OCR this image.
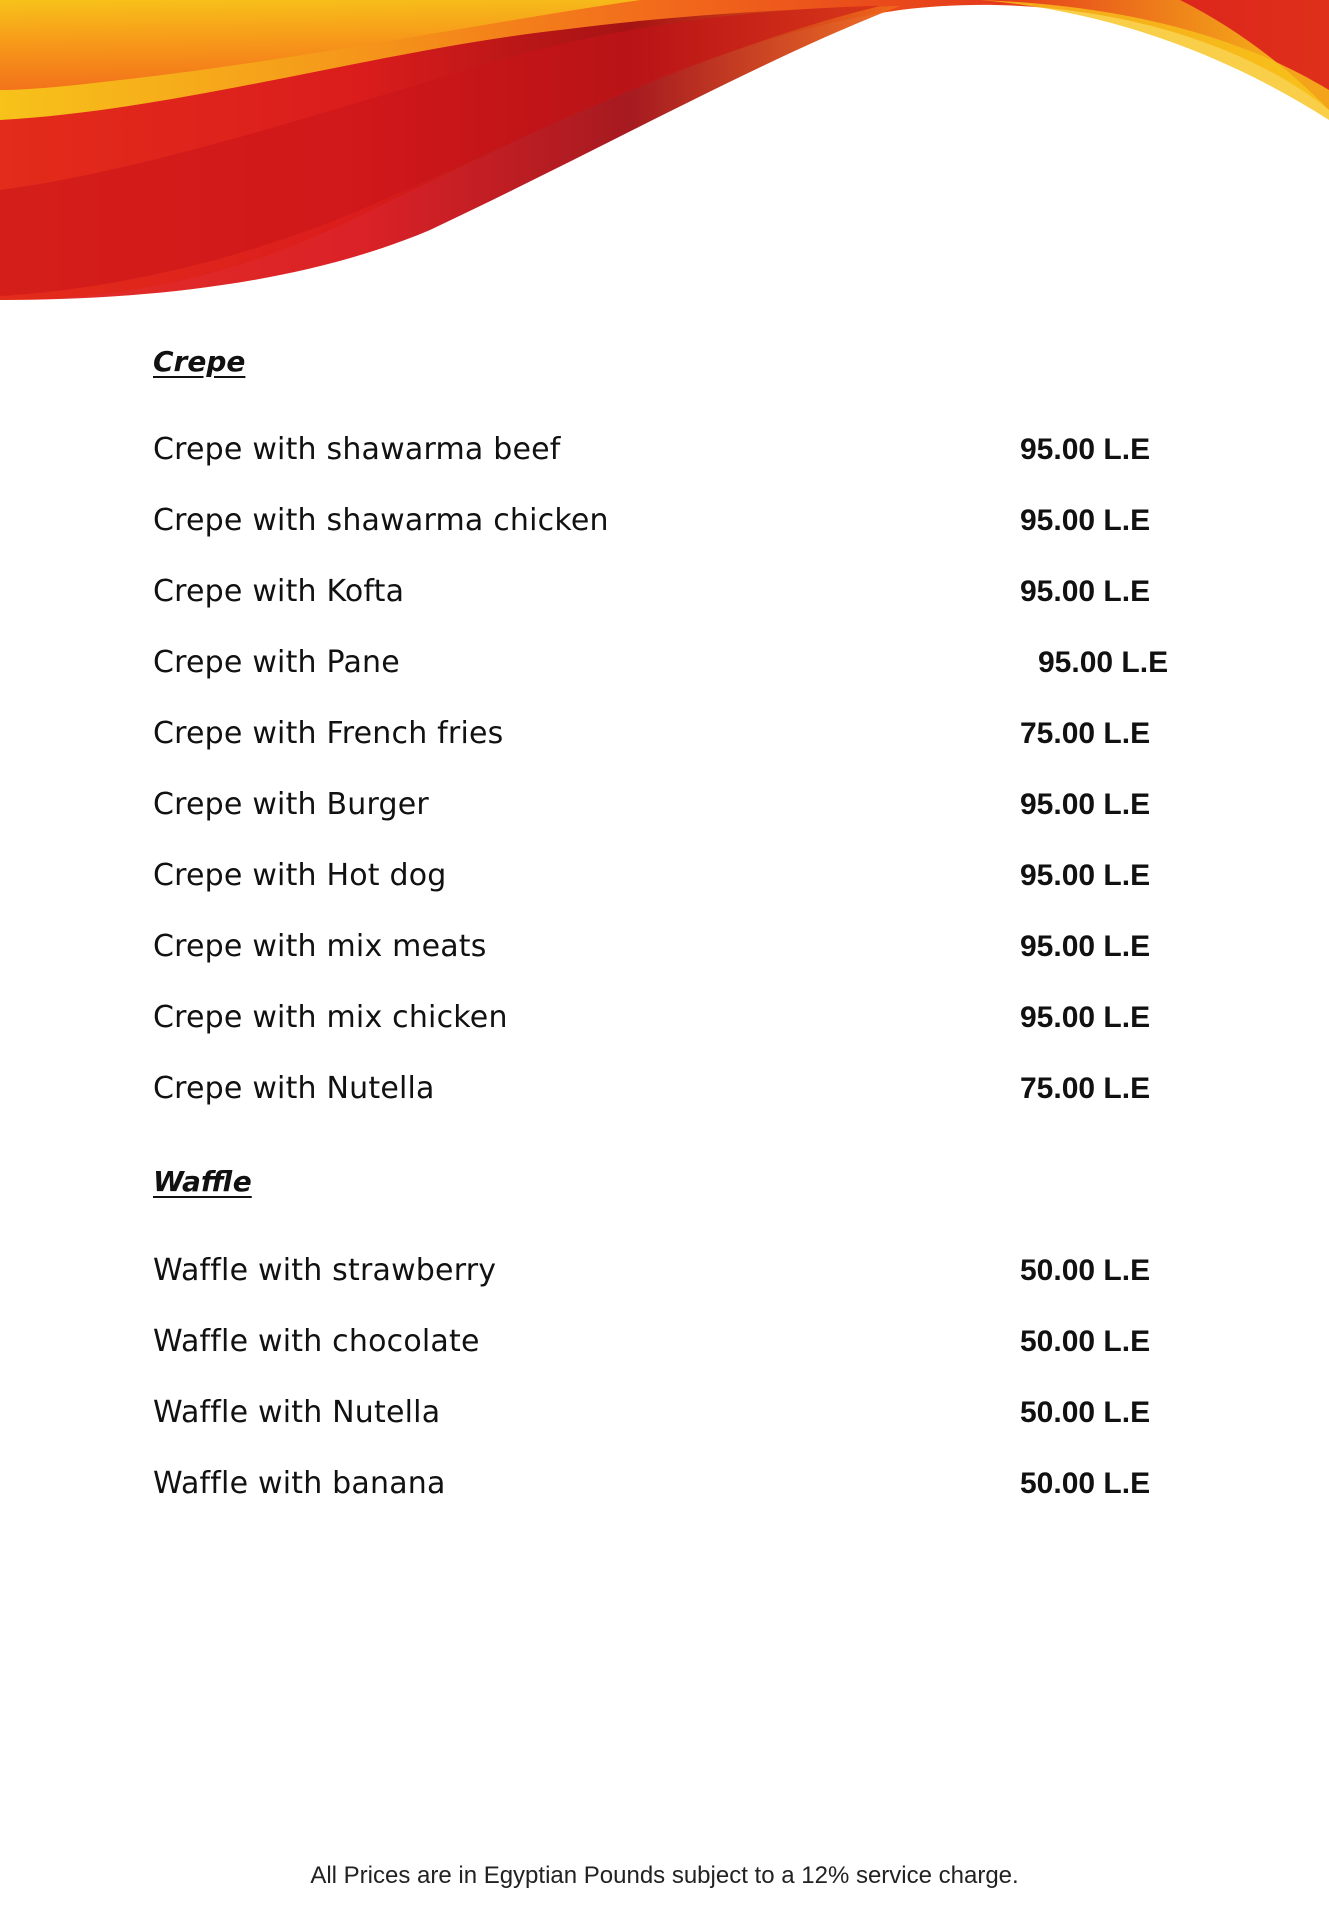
Crepe
Crepe with shawarma beef	95.00 L.E
Crepe with shawarma chicken	95.00 L.E
Crepe with Kofta	95.00 L.E
Crepe with Pane	95.00 L.E
Crepe with French fries	75.00 L.E
Crepe with Burger	95.00 L.E
Crepe with Hot dog	95.00 L.E
Crepe with mix meats	95.00 L.E
Crepe with mix chicken	95.00 L.E
Crepe with Nutella	75.00 L.E
Waffle
Waffle with strawberry	50.00 L.E
Waffle with chocolate	50.00 L.E
Waffle with Nutella	50.00 L.E
Waffle with banana	50.00 L.E
All Prices are in Egyptian Pounds subject to a 12% service charge.
